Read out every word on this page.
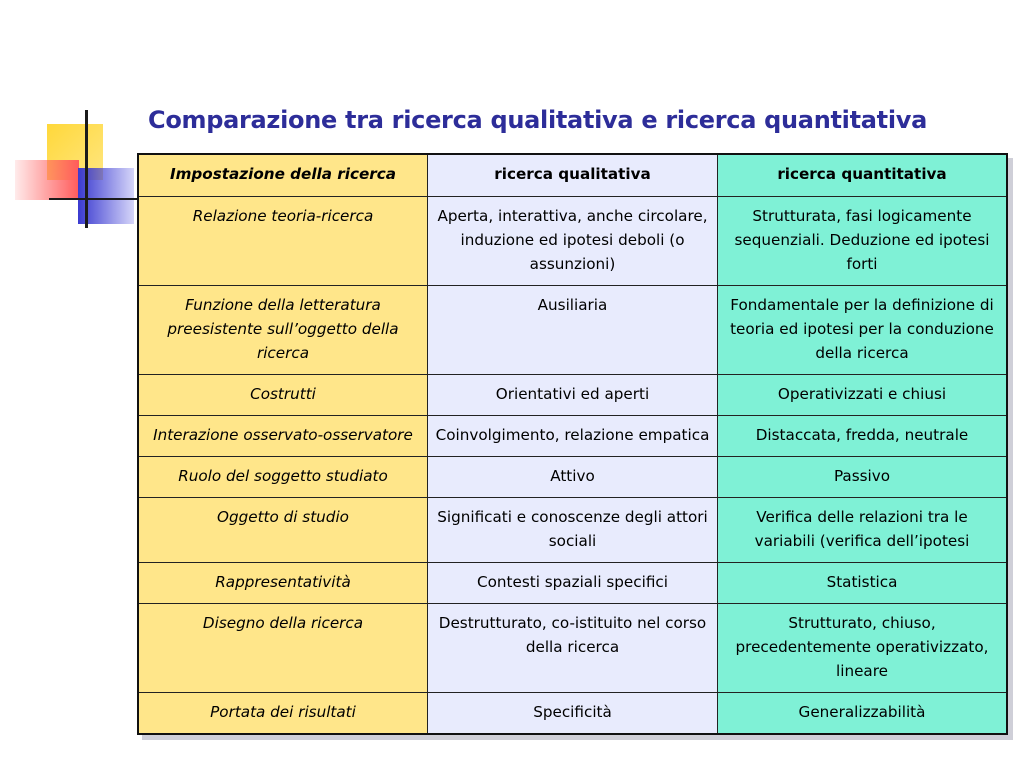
Comparazione tra ricerca qualitativa e ricerca quantitativa
Impostazione della ricerca	ricerca qualitativa	ricerca quantitativa
Relazione teoria-ricerca	Aperta, interattiva, anche circolare, induzione ed ipotesi deboli (o assunzioni)	Strutturata, fasi logicamente sequenziali. Deduzione ed ipotesi forti
Funzione della letteratura preesistente sull’oggetto della ricerca	Ausiliaria	Fondamentale per la definizione di teoria ed ipotesi per la conduzione della ricerca
Costrutti	Orientativi ed aperti	Operativizzati e chiusi
Interazione osservato-osservatore	Coinvolgimento, relazione empatica	Distaccata, fredda, neutrale
Ruolo del soggetto studiato	Attivo	Passivo
Oggetto di studio	Significati e conoscenze degli attori sociali	Verifica delle relazioni tra le variabili (verifica dell’ipotesi
Rappresentatività	Contesti spaziali specifici	Statistica
Disegno della ricerca	Destrutturato, co-istituito nel corso della ricerca	Strutturato, chiuso, precedentemente operativizzato, lineare
Portata dei risultati	Specificità	Generalizzabilità
